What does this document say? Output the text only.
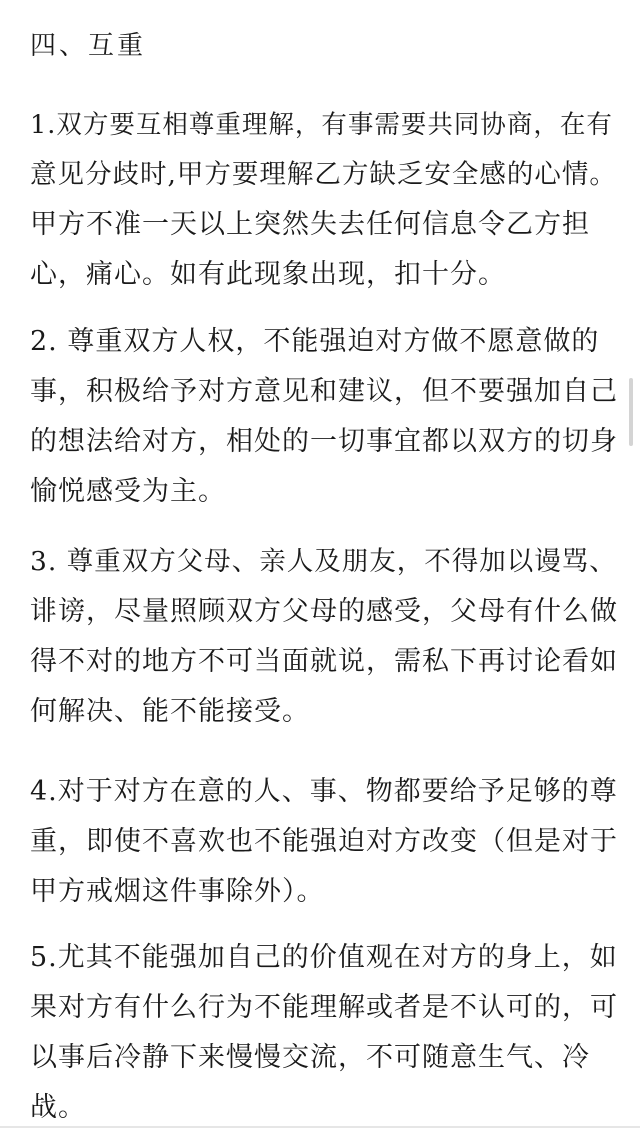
四、互重
1.双方要互相尊重理解，有事需要共同协商，在有
意见分歧时,甲方要理解乙方缺乏安全感的心情。
甲方不准一天以上突然失去任何信息令乙方担
心，痛心。如有此现象出现，扣十分。
2. 尊重双方人权，不能强迫对方做不愿意做的
事，积极给予对方意见和建议，但不要强加自己
的想法给对方，相处的一切事宜都以双方的切身
愉悦感受为主。
3. 尊重双方父母、亲人及朋友，不得加以谩骂、
诽谤，尽量照顾双方父母的感受，父母有什么做
得不对的地方不可当面就说，需私下再讨论看如
何解决、能不能接受。
4.对于对方在意的人、事、物都要给予足够的尊
重，即使不喜欢也不能强迫对方改变（但是对于
甲方戒烟这件事除外）。
5.尤其不能强加自己的价值观在对方的身上，如
果对方有什么行为不能理解或者是不认可的，可
以事后冷静下来慢慢交流，不可随意生气、冷
战。
